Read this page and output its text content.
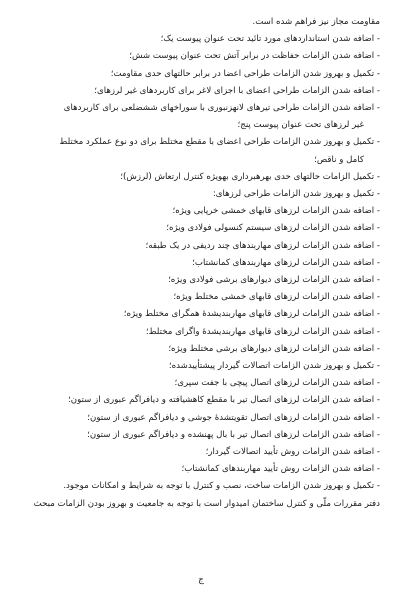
مقاومت مجاز نیز فراهم شده است.
- اضافه شدن استانداردهای مورد تائید تحت عنوان پیوست یک؛
- اضافه شدن الزامات حفاظت در برابر آتش تحت عنوان پیوست شش؛
- تکمیل و بهروز شدن الزامات طراحی اعضا در برابر حالتهای حدی مقاومت؛
- اضافه شدن الزامات طراحی اعضای با اجزای لاغر برای کاربردهای غیر لرزهای؛
- اضافه شدن الزامات طراحی تیرهای لانهزنبوری با سوراخهای ششضلعی برای کاربردهای
غیر لرزهای تحت عنوان پیوست پنج؛
- تکمیل و بهروز شدن الزامات طراحی اعضای با مقطع مختلط برای دو نوع عملکرد مختلط
کامل و ناقص؛
- تکمیل الزامات حالتهای حدی بهرهبرداری بهویژه کنترل ارتعاش (لرزش)؛
- تکمیل و بهروز شدن الزامات طراحی لرزهای:
- اضافه شدن الزامات لرزهای قابهای خمشی خرپایی ویژه؛
- اضافه شدن الزامات لرزهای سیستم کنسولی فولادی ویژه؛
- اضافه شدن الزامات لرزهای مهاربندهای چند ردیفی در یک طبقه؛
- اضافه شدن الزامات لرزهای مهاربندهای کمانشتاب؛
- اضافه شدن الزامات لرزهای دیوارهای برشی فولادی ویژه؛
- اضافه شدن الزامات لرزهای قابهای خمشی مختلط ویژه؛
- اضافه شدن الزامات لرزهای قابهای مهاربندیشدهٔ همگرای مختلط ویژه؛
- اضافه شدن الزامات لرزهای قابهای مهاربندیشدهٔ واگرای مختلط؛
- اضافه شدن الزامات لرزهای دیوارهای برشی مختلط ویژه؛
- تکمیل و بهروز شدن الزامات اتصالات گیردار پیشتأییدشده؛
- اضافه شدن الزامات لرزهای اتصال پیچی با جفت سپری؛
- اضافه شدن الزامات لرزهای اتصال تیر با مقطع کاهشیافته و دیافراگم عبوری از ستون؛
- اضافه شدن الزامات لرزهای اتصال تقویتشدهٔ جوشی و دیافراگم عبوری از ستون؛
- اضافه شدن الزامات لرزهای اتصال تیر با بال پهنشده و دیافراگم عبوری از ستون؛
- اضافه شدن الزامات روش تأیید اتصالات گیردار؛
- اضافه شدن الزامات روش تأیید مهاربندهای کمانشتاب؛
- تکمیل و بهروز شدن الزامات ساخت، نصب و کنترل با توجه به شرایط و امکانات موجود.
دفتر مقررات ملّی و کنترل ساختمان امیدوار است با توجه به جامعیت و بهروز بودن الزامات مبحث
ج
